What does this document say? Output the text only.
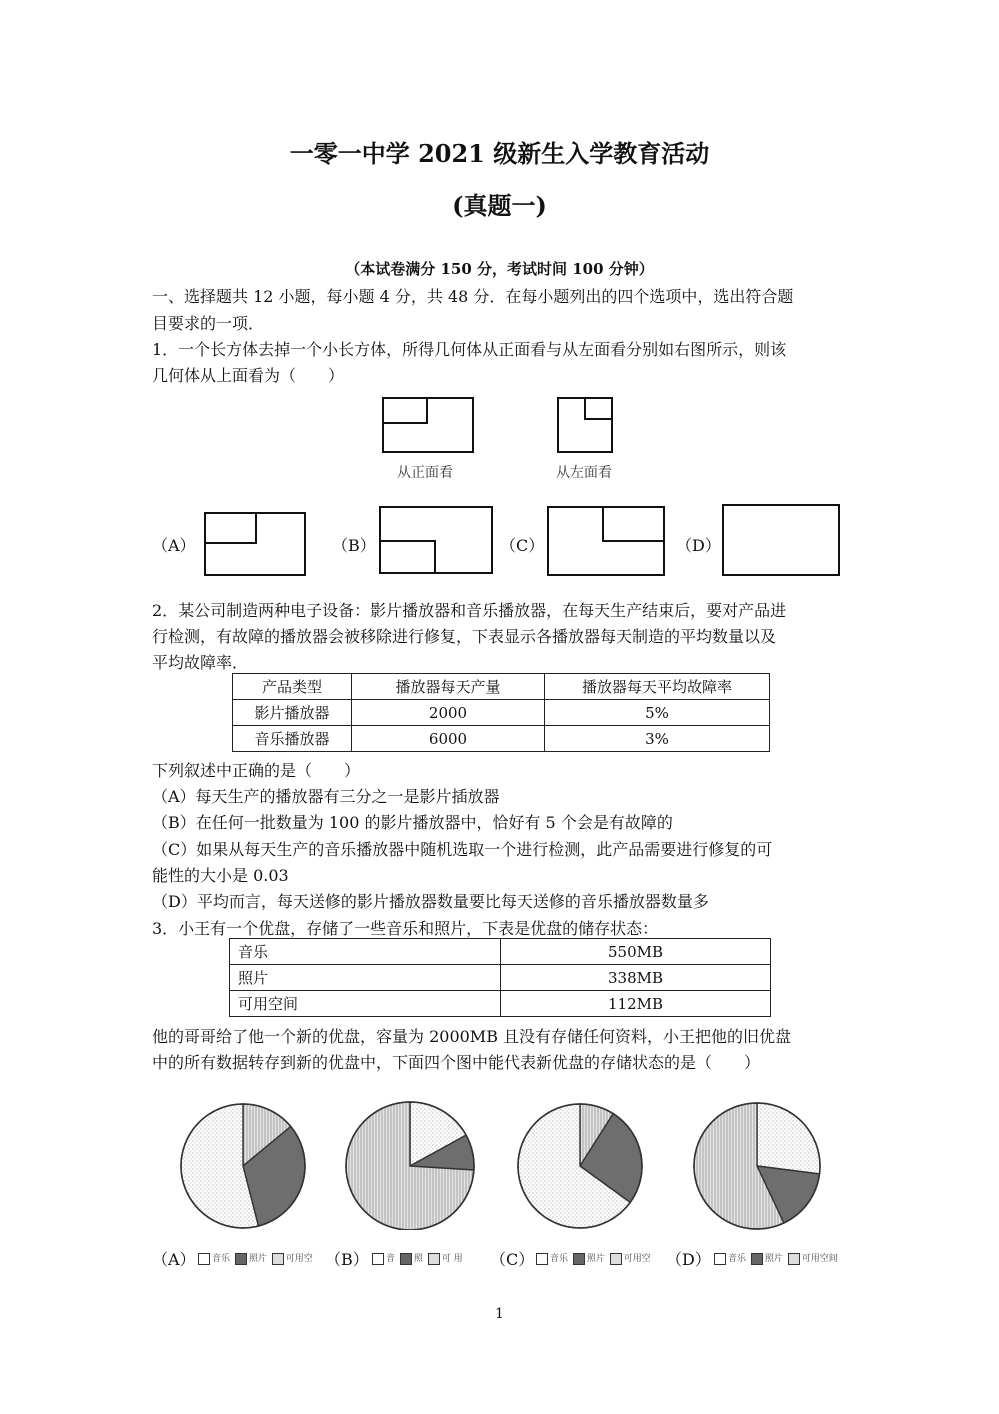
一零一中学 2021 级新生入学教育活动
(真题一)
（本试卷满分 150 分，考试时间 100 分钟）
一、选择题共 12 小题，每小题 4 分，共 48 分．在每小题列出的四个选项中，选出符合题
目要求的一项．
1．一个长方体去掉一个小长方体，所得几何体从正面看与从左面看分别如右图所示，则该
几何体从上面看为（　　）
从正面看	从左面看
（A）	（B）	（C）	（D）
2．某公司制造两种电子设备：影片播放器和音乐播放器，在每天生产结束后，要对产品进
行检测，有故障的播放器会被移除进行修复，下表显示各播放器每天制造的平均数量以及
平均故障率．
产品类型	播放器每天产量	播放器每天平均故障率
影片播放器	2000	5%
音乐播放器	6000	3%
下列叙述中正确的是（　　）
（A）每天生产的播放器有三分之一是影片插放器
（B）在任何一批数量为 100 的影片播放器中，恰好有 5 个会是有故障的
（C）如果从每天生产的音乐播放器中随机选取一个进行检测，此产品需要进行修复的可
能性的大小是 0.03
（D）平均而言，每天送修的影片播放器数量要比每天送修的音乐播放器数量多
3．小王有一个优盘，存储了一些音乐和照片，下表是优盘的储存状态：
音乐	550MB
照片	338MB
可用空间	112MB
他的哥哥给了他一个新的优盘，容量为 2000MB 且没有存储任何资料，小王把他的旧优盘
中的所有数据转存到新的优盘中，下面四个图中能代表新优盘的存储状态的是（　　）
（A）	音乐 照片 可用空 （B）	音 照 可 用 （C）	音乐 照片 可用空 （D）	音乐 照片 可用空间
1
